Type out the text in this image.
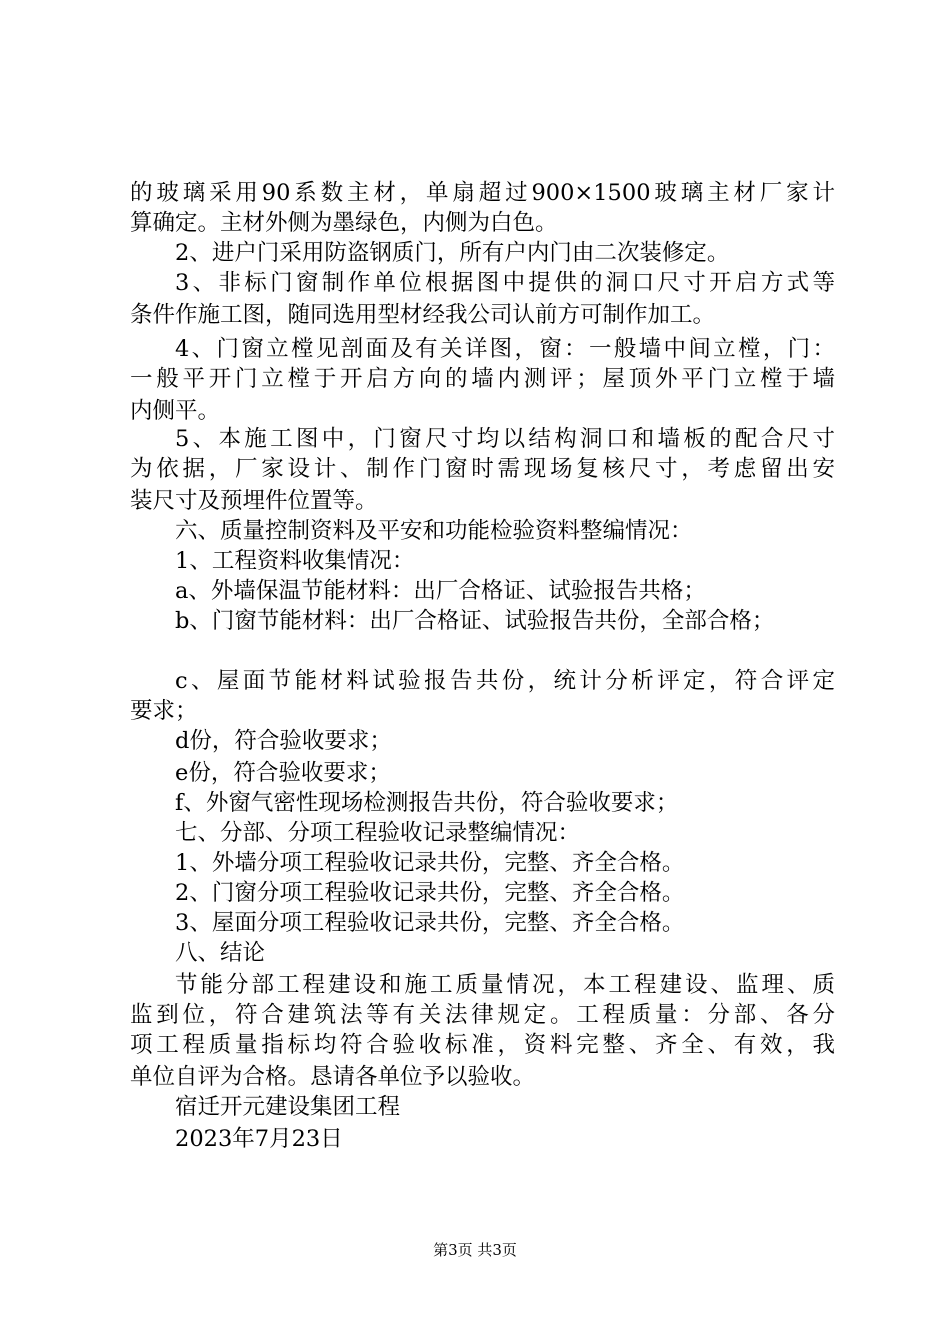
的玻璃采用90系数主材，单扇超过900×1500玻璃主材厂家计
算确定。主材外侧为墨绿色，内侧为白色。
2、进户门采用防盗钢质门，所有户内门由二次装修定。
3、非标门窗制作单位根据图中提供的洞口尺寸开启方式等
条件作施工图，随同选用型材经我公司认前方可制作加工。
4、门窗立樘见剖面及有关详图，窗：一般墙中间立樘，门：
一般平开门立樘于开启方向的墙内测评；屋顶外平门立樘于墙
内侧平。
5、本施工图中，门窗尺寸均以结构洞口和墙板的配合尺寸
为依据，厂家设计、制作门窗时需现场复核尺寸，考虑留出安
装尺寸及预埋件位置等。
六、质量控制资料及平安和功能检验资料整编情况：
1、工程资料收集情况：
a、外墙保温节能材料：出厂合格证、试验报告共格；
b、门窗节能材料：出厂合格证、试验报告共份，全部合格；
c、屋面节能材料试验报告共份，统计分析评定，符合评定
要求；
d份，符合验收要求；
e份，符合验收要求；
f、外窗气密性现场检测报告共份，符合验收要求；
七、分部、分项工程验收记录整编情况：
1、外墙分项工程验收记录共份，完整、齐全合格。
2、门窗分项工程验收记录共份，完整、齐全合格。
3、屋面分项工程验收记录共份，完整、齐全合格。
八、结论
节能分部工程建设和施工质量情况，本工程建设、监理、质
监到位，符合建筑法等有关法律规定。工程质量：分部、各分
项工程质量指标均符合验收标准，资料完整、齐全、有效，我
单位自评为合格。恳请各单位予以验收。
宿迁开元建设集团工程
2023年7月23日
第3页 共3页
